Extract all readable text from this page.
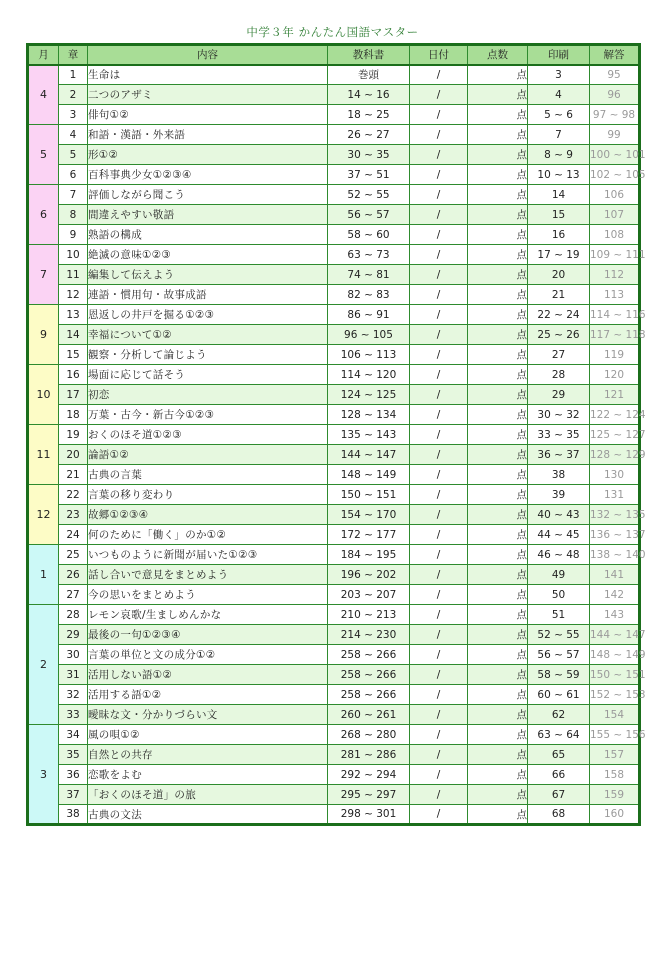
中学３年 かんたん国語マスター
月	章	内容	教科書	日付	点数	印刷	解答
4	1	生命は	巻頭	/	点	3	95
	2	二つのアザミ	14 ~ 16	/	点	4	96
	3	俳句①②	18 ~ 25	/	点	5 ~ 6	97 ~ 98
5	4	和語・漢語・外来語	26 ~ 27	/	点	7	99
	5	形①②	30 ~ 35	/	点	8 ~ 9	100 ~ 101
	6	百科事典少女①②③④	37 ~ 51	/	点	10 ~ 13	102 ~ 105
6	7	評価しながら聞こう	52 ~ 55	/	点	14	106
	8	間違えやすい敬語	56 ~ 57	/	点	15	107
	9	熟語の構成	58 ~ 60	/	点	16	108
7	10	絶滅の意味①②③	63 ~ 73	/	点	17 ~ 19	109 ~ 111
	11	編集して伝えよう	74 ~ 81	/	点	20	112
	12	連語・慣用句・故事成語	82 ~ 83	/	点	21	113
9	13	恩返しの井戸を掘る①②③	86 ~ 91	/	点	22 ~ 24	114 ~ 116
	14	幸福について①②	96 ~ 105	/	点	25 ~ 26	117 ~ 118
	15	観察・分析して論じよう	106 ~ 113	/	点	27	119
10	16	場面に応じて話そう	114 ~ 120	/	点	28	120
	17	初恋	124 ~ 125	/	点	29	121
	18	万葉・古今・新古今①②③	128 ~ 134	/	点	30 ~ 32	122 ~ 124
11	19	おくのほそ道①②③	135 ~ 143	/	点	33 ~ 35	125 ~ 127
	20	論語①②	144 ~ 147	/	点	36 ~ 37	128 ~ 129
	21	古典の言葉	148 ~ 149	/	点	38	130
12	22	言葉の移り変わり	150 ~ 151	/	点	39	131
	23	故郷①②③④	154 ~ 170	/	点	40 ~ 43	132 ~ 135
	24	何のために「働く」のか①②	172 ~ 177	/	点	44 ~ 45	136 ~ 137
1	25	いつものように新聞が届いた①②③	184 ~ 195	/	点	46 ~ 48	138 ~ 140
	26	話し合いで意見をまとめよう	196 ~ 202	/	点	49	141
	27	今の思いをまとめよう	203 ~ 207	/	点	50	142
2	28	レモン哀歌/生ましめんかな	210 ~ 213	/	点	51	143
	29	最後の一句①②③④	214 ~ 230	/	点	52 ~ 55	144 ~ 147
	30	言葉の単位と文の成分①②	258 ~ 266	/	点	56 ~ 57	148 ~ 149
	31	活用しない語①②	258 ~ 266	/	点	58 ~ 59	150 ~ 151
	32	活用する語①②	258 ~ 266	/	点	60 ~ 61	152 ~ 153
	33	曖昧な文・分かりづらい文	260 ~ 261	/	点	62	154
3	34	風の唄①②	268 ~ 280	/	点	63 ~ 64	155 ~ 156
	35	自然との共存	281 ~ 286	/	点	65	157
	36	恋歌をよむ	292 ~ 294	/	点	66	158
	37	「おくのほそ道」の旅	295 ~ 297	/	点	67	159
	38	古典の文法	298 ~ 301	/	点	68	160
